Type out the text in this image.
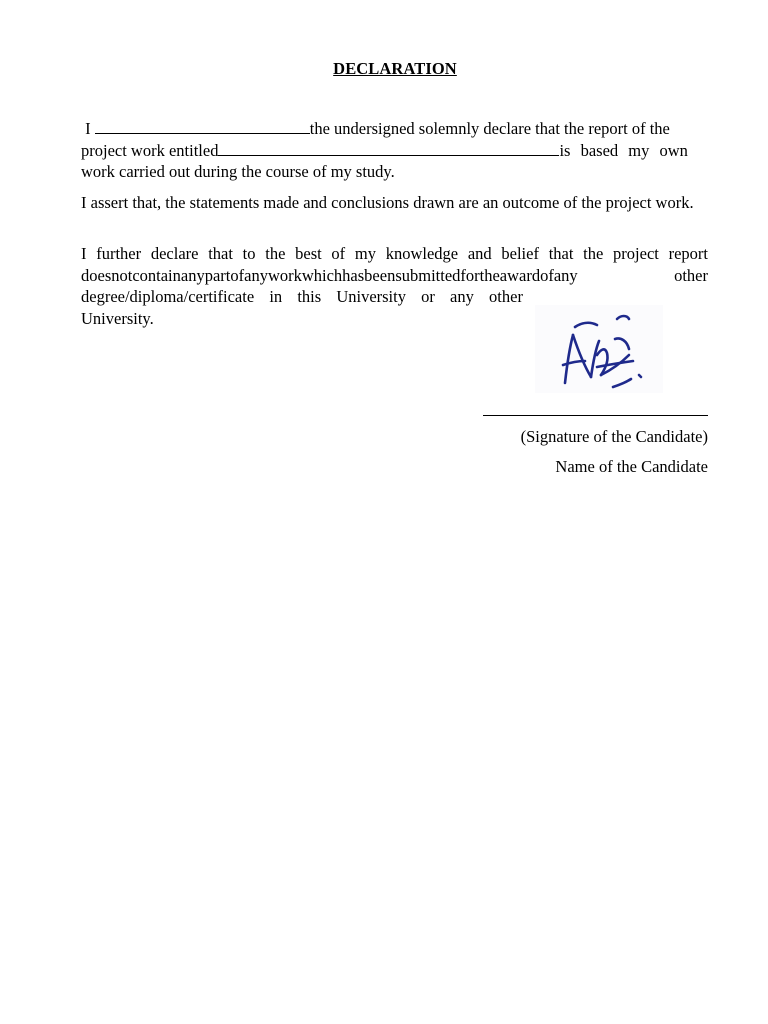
DECLARATION
I	the undersigned solemnly declare that the report of the
project work entitled	is based my own
work carried out during the course of my study.
I assert that, the statements made and conclusions drawn are an outcome of the project work.
I further declare that to the best of my knowledge and belief that the project report
doesnotcontainanypartofanyworkwhichhasbeensubmittedfortheawardofany	other
degree/diploma/certificate in this University or any other
University.
(Signature of the Candidate)
Name of the Candidate
